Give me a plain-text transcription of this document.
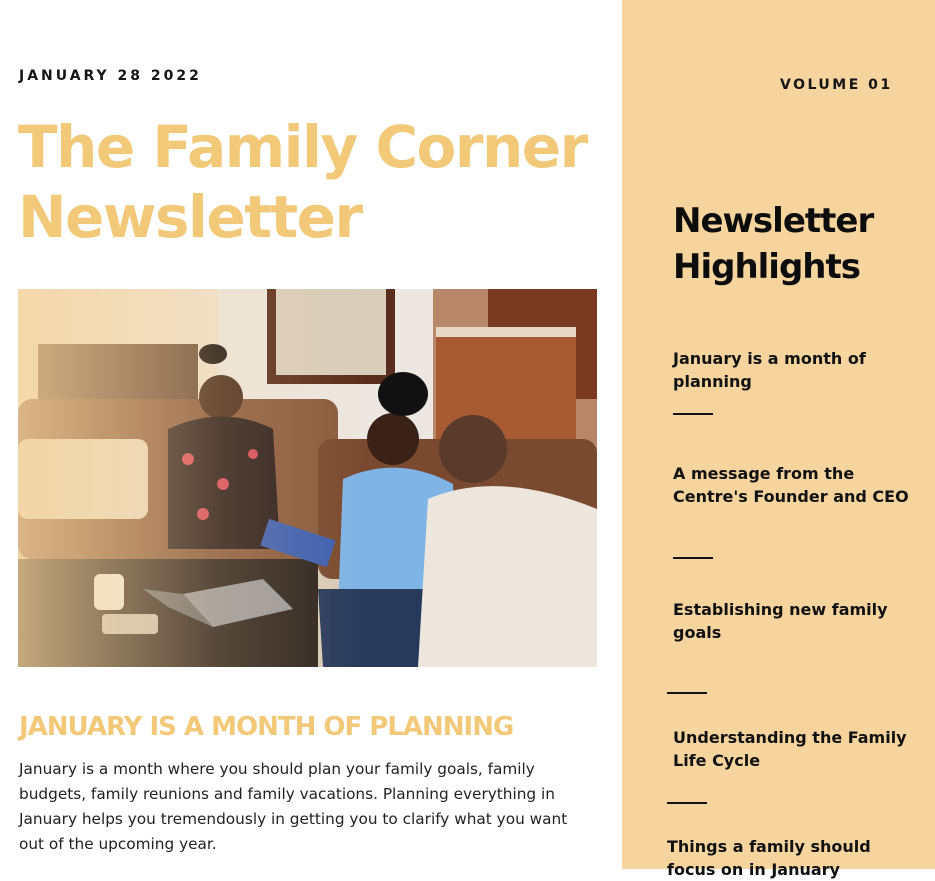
JANUARY 28 2022
The Family Corner Newsletter
JANUARY IS A MONTH OF PLANNING

January is a month where you should plan your family goals, family budgets, family reunions and family vacations. Planning everything in January helps you tremendously in getting you to clarify what you want out of the upcoming year.

VOLUME 01
Newsletter Highlights

January is a month of planning

A message from the Centre's Founder and CEO

Establishing new family goals

Understanding the Family Life Cycle

Things a family should focus on in January
